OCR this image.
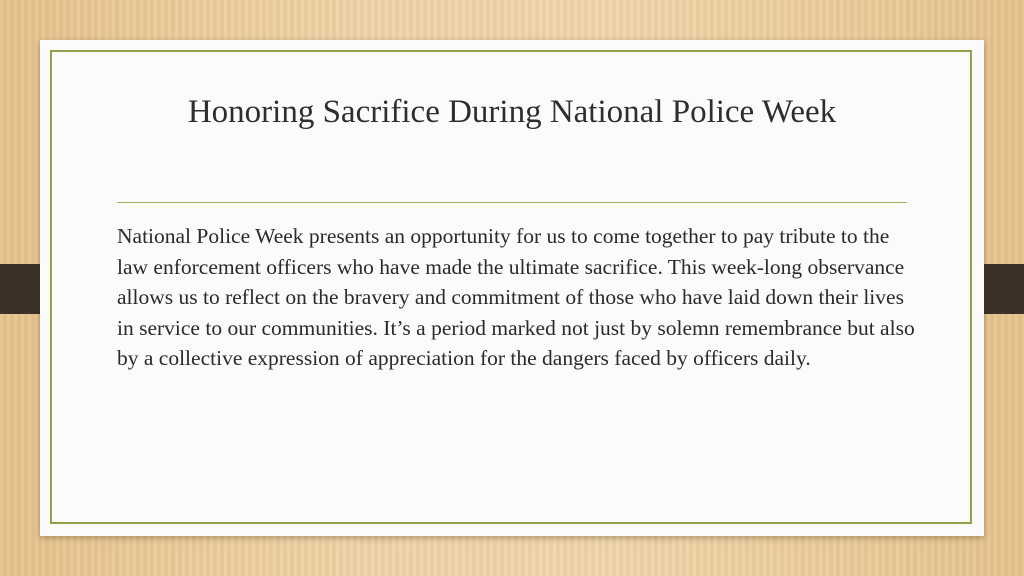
Honoring Sacrifice During National Police Week

National Police Week presents an opportunity for us to come together to pay tribute to the law enforcement officers who have made the ultimate sacrifice. This week-long observance allows us to reflect on the bravery and commitment of those who have laid down their lives in service to our communities. It’s a period marked not just by solemn remembrance but also by a collective expression of appreciation for the dangers faced by officers daily.
